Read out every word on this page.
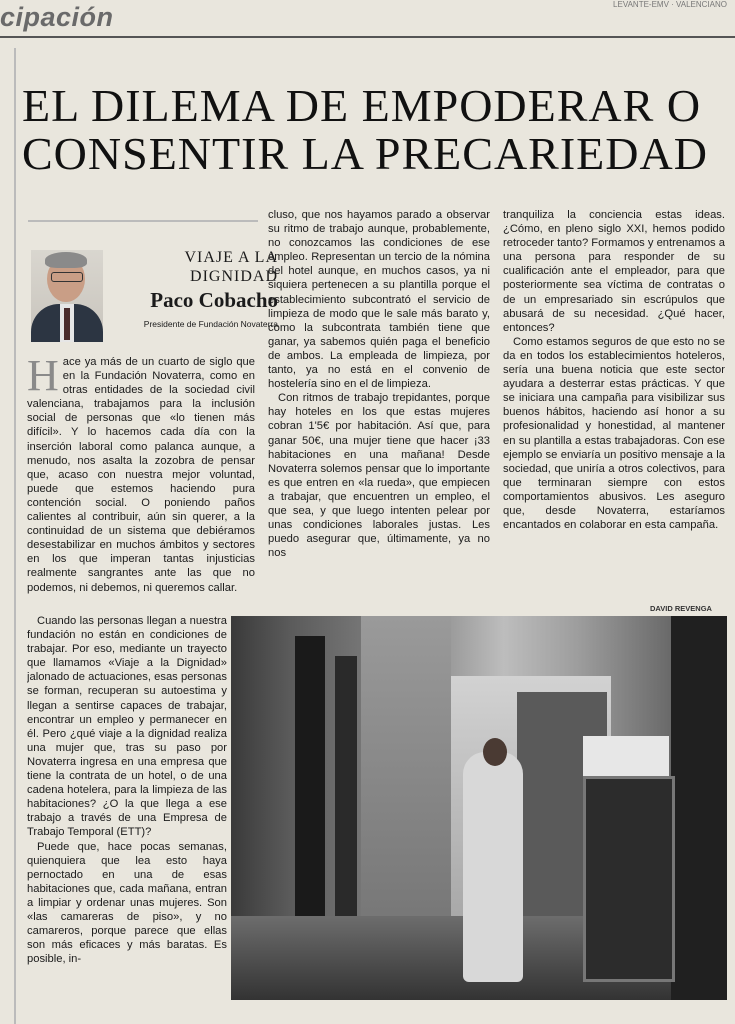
cipación	LEVANTE-EMV · VALENCIANO
EL DILEMA DE EMPODERAR O CONSENTIR LA PRECARIEDAD
VIAJE A LA
DIGNIDAD
Paco Cobacho
Presidente de Fundación Novaterra

Hace ya más de un cuarto de siglo que en la Fundación Novaterra, como en otras entidades de la sociedad civil valenciana, trabajamos para la inclusión social de personas que «lo tienen más difícil». Y lo hacemos cada día con la inserción laboral como palanca aunque, a menudo, nos asalta la zozobra de pensar que, acaso con nuestra mejor voluntad, puede que estemos haciendo pura contención social. O poniendo paños calientes al contribuir, aún sin querer, a la continuidad de un sistema que debiéramos desestabilizar en muchos ámbitos y sectores en los que imperan tantas injusticias realmente sangrantes ante las que no podemos, ni debemos, ni queremos callar.

Cuando las personas llegan a nuestra fundación no están en condiciones de trabajar. Por eso, mediante un trayecto que llamamos «Viaje a la Dignidad» jalonado de actuaciones, esas personas se forman, recuperan su autoestima y llegan a sentirse capaces de trabajar, encontrar un empleo y permanecer en él. Pero ¿qué viaje a la dignidad realiza una mujer que, tras su paso por Novaterra ingresa en una empresa que tiene la contrata de un hotel, o de una cadena hotelera, para la limpieza de las habitaciones? ¿O la que llega a ese trabajo a través de una Empresa de Trabajo Temporal (ETT)?

Puede que, hace pocas semanas, quienquiera que lea esto haya pernoctado en una de esas habitaciones que, cada mañana, entran a limpiar y ordenar unas mujeres. Son «las camareras de piso», y no camareros, porque parece que ellas son más eficaces y más baratas. Es posible, in-

cluso, que nos hayamos parado a observar su ritmo de trabajo aunque, probablemente, no conozcamos las condiciones de ese empleo. Representan un tercio de la nómina del hotel aunque, en muchos casos, ya ni siquiera pertenecen a su plantilla porque el establecimiento subcontrató el servicio de limpieza de modo que le sale más barato y, como la subcontrata también tiene que ganar, ya sabemos quién paga el beneficio de ambos. La empleada de limpieza, por tanto, ya no está en el convenio de hostelería sino en el de limpieza.

Con ritmos de trabajo trepidantes, porque hay hoteles en los que estas mujeres cobran 1'5€ por habitación. Así que, para ganar 50€, una mujer tiene que hacer ¡33 habitaciones en una mañana! Desde Novaterra solemos pensar que lo importante es que entren en «la rueda», que empiecen a trabajar, que encuentren un empleo, el que sea, y que luego intenten pelear por unas condiciones laborales justas. Les puedo asegurar que, últimamente, ya no nos

tranquiliza la conciencia estas ideas. ¿Cómo, en pleno siglo XXI, hemos podido retroceder tanto? Formamos y entrenamos a una persona para responder de su cualificación ante el empleador, para que posteriormente sea víctima de contratas o de un empresariado sin escrúpulos que abusará de su necesidad. ¿Qué hacer, entonces?

Como estamos seguros de que esto no se da en todos los establecimientos hoteleros, sería una buena noticia que este sector ayudara a desterrar estas prácticas. Y que se iniciara una campaña para visibilizar sus buenos hábitos, haciendo así honor a su profesionalidad y honestidad, al mantener en su plantilla a estas trabajadoras. Con ese ejemplo se enviaría un positivo mensaje a la sociedad, que uniría a otros colectivos, para que terminaran siempre con estos comportamientos abusivos. Les aseguro que, desde Novaterra, estaríamos encantados en colaborar en esta campaña.

DAVID REVENGA
